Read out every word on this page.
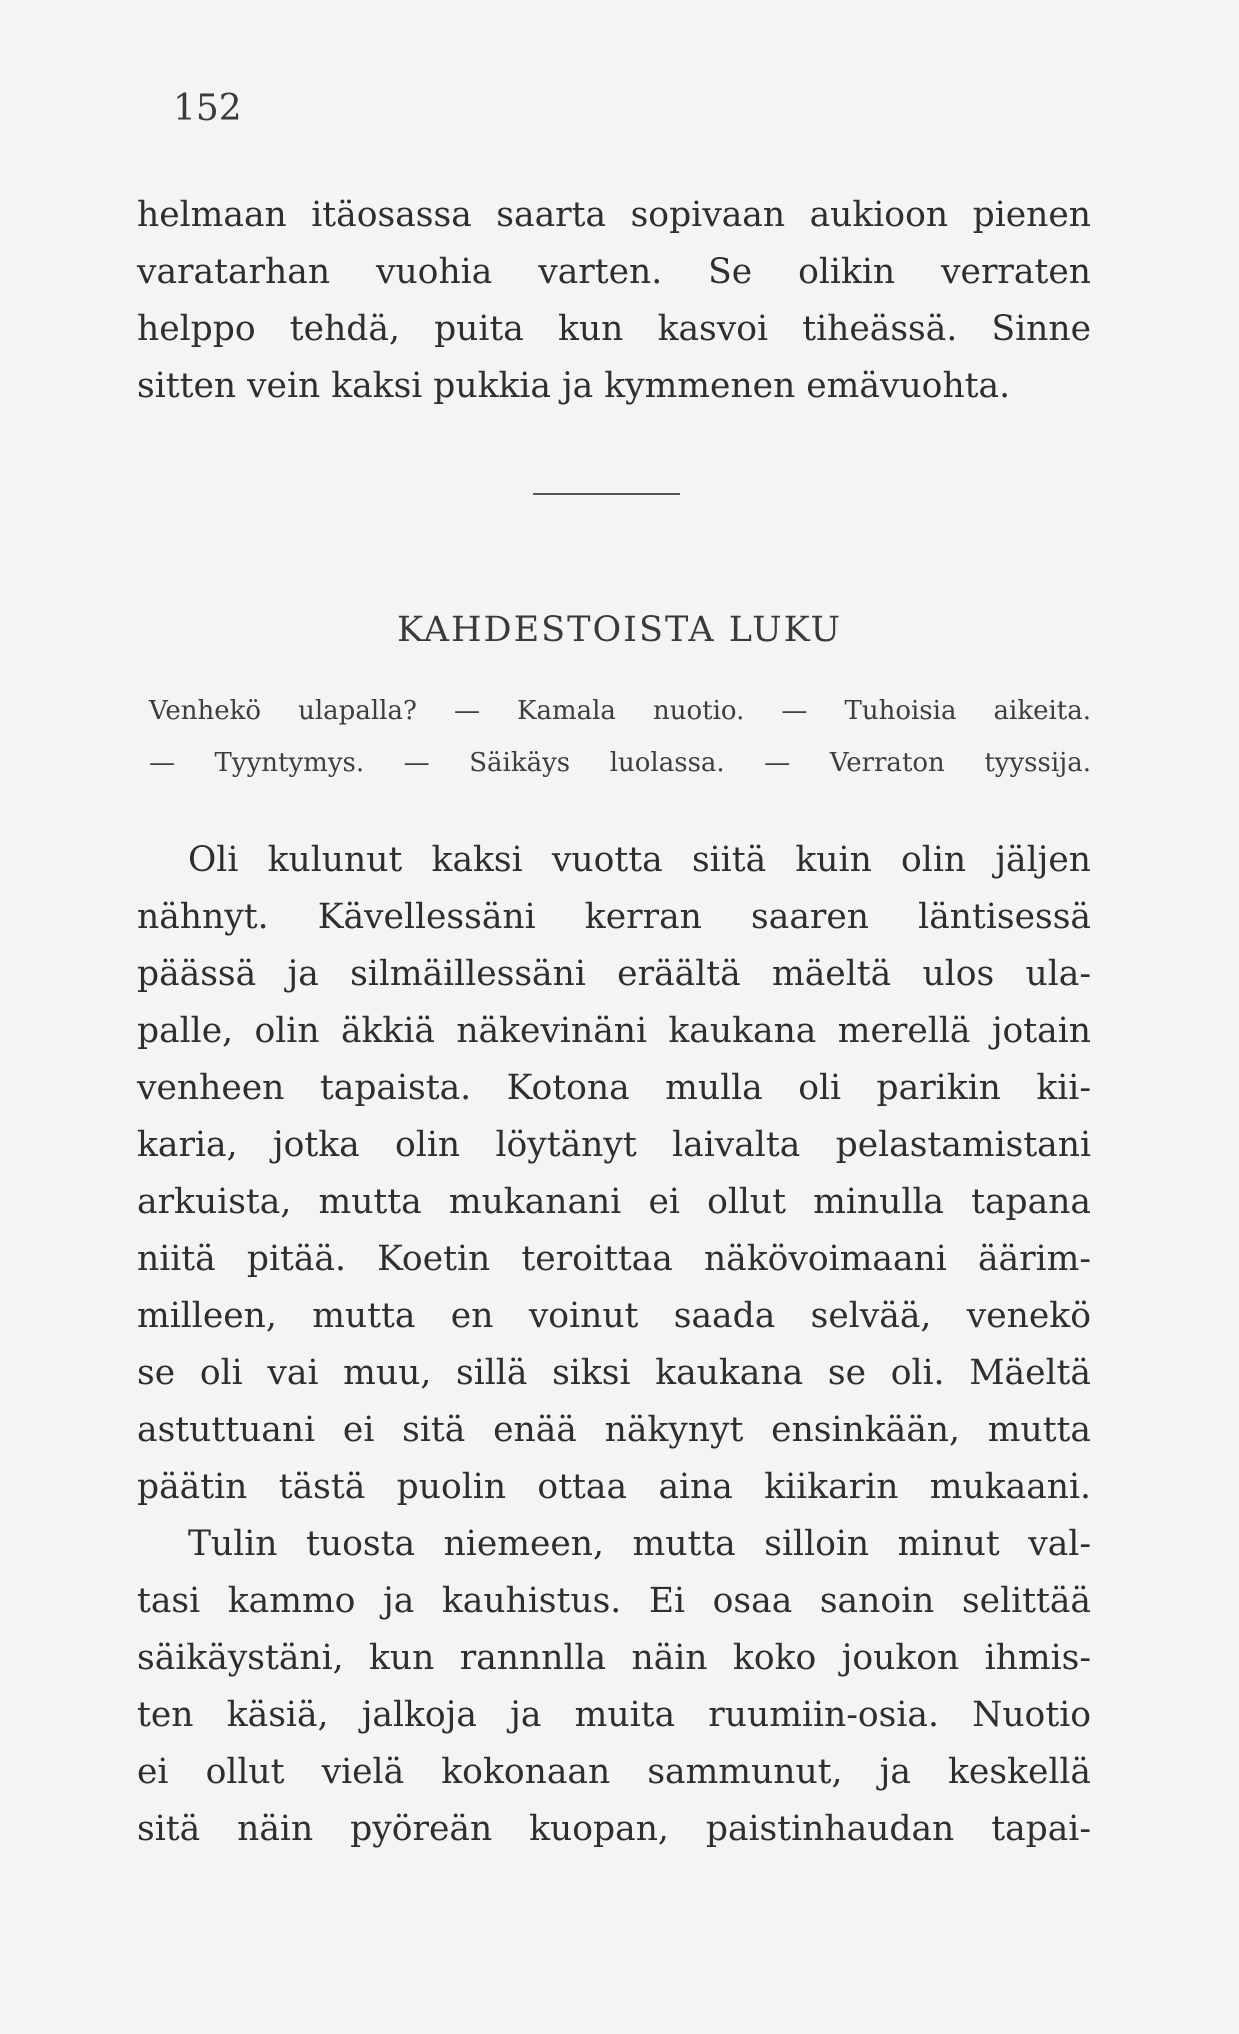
152
helmaan itäosassa saarta sopivaan aukioon pienen
varatarhan vuohia varten. Se olikin verraten
helppo tehdä, puita kun kasvoi tiheässä. Sinne
sitten vein kaksi pukkia ja kymmenen emävuohta.
KAHDESTOISTA LUKU
Venhekö ulapalla? — Kamala nuotio. — Tuhoisia aikeita.
— Tyyntymys. — Säikäys luolassa. — Verraton tyyssija.
Oli kulunut kaksi vuotta siitä kuin olin jäljen
nähnyt. Kävellessäni kerran saaren läntisessä
päässä ja silmäillessäni eräältä mäeltä ulos ula-
palle, olin äkkiä näkevinäni kaukana merellä jotain
venheen tapaista. Kotona mulla oli parikin kii-
karia, jotka olin löytänyt laivalta pelastamistani
arkuista, mutta mukanani ei ollut minulla tapana
niitä pitää. Koetin teroittaa näkövoimaani äärim-
milleen, mutta en voinut saada selvää, venekö
se oli vai muu, sillä siksi kaukana se oli. Mäeltä
astuttuani ei sitä enää näkynyt ensinkään, mutta
päätin tästä puolin ottaa aina kiikarin mukaani.
Tulin tuosta niemeen, mutta silloin minut val-
tasi kammo ja kauhistus. Ei osaa sanoin selittää
säikäystäni, kun rannnlla näin koko joukon ihmis-
ten käsiä, jalkoja ja muita ruumiin-osia. Nuotio
ei ollut vielä kokonaan sammunut, ja keskellä
sitä näin pyöreän kuopan, paistinhaudan tapai-
